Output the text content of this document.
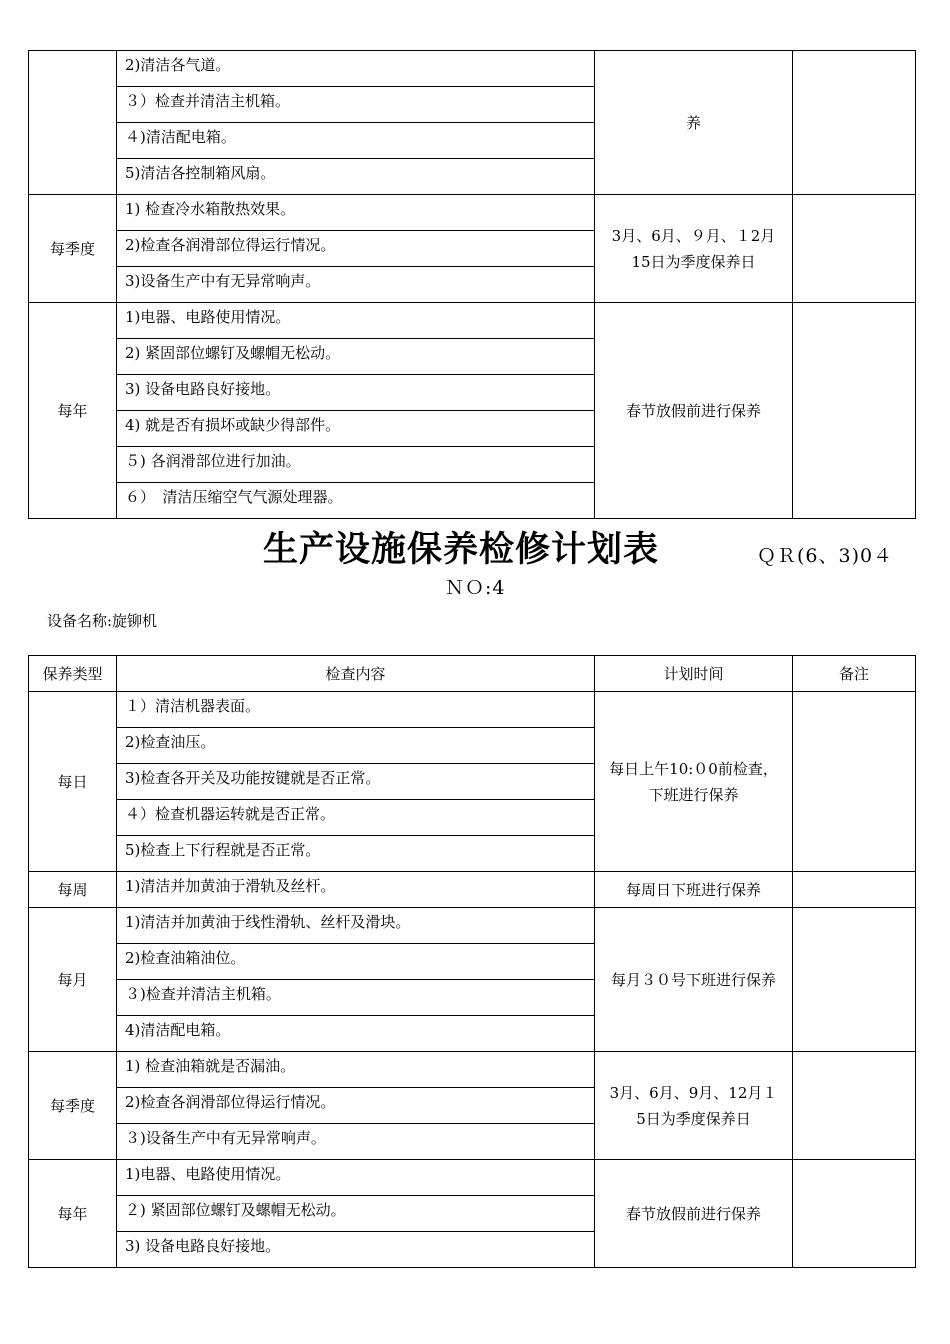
	2)清洁各气道。	养	
	３）检查并清洁主机箱。		
	４)清洁配电箱。		
	5)清洁各控制箱风扇。		
每季度	1) 检查冷水箱散热效果。	3月、6月、９月、１2月15日为季度保养日	
	2)检查各润滑部位得运行情况。		
	3)设备生产中有无异常响声。		
每年	1)电器、电路使用情况。	春节放假前进行保养	
	2) 紧固部位螺钉及螺帽无松动。		
	3) 设备电路良好接地。		
	4) 就是否有损坏或缺少得部件。		
	５) 各润滑部位进行加油。		
	６）　清洁压缩空气气源处理器。		
生产设施保养检修计划表	ＱＲ(6、3)0４
ＮＯ:4
设备名称:旋铆机
保养类型	检查内容	计划时间	备注
每日	１）清洁机器表面。	每日上午10:０0前检查，下班进行保养	
	2)检查油压。		
	3)检查各开关及功能按键就是否正常。		
	４）检查机器运转就是否正常。		
	5)检查上下行程就是否正常。		
每周	1)清洁并加黄油于滑轨及丝杆。	每周日下班进行保养	
每月	1)清洁并加黄油于线性滑轨、丝杆及滑块。	每月３０号下班进行保养	
	2)检查油箱油位。		
	３)检查并清洁主机箱。		
	4)清洁配电箱。		
每季度	1) 检查油箱就是否漏油。	3月、6月、9月、12月１5日为季度保养日	
	2)检查各润滑部位得运行情况。		
	３)设备生产中有无异常响声。		
每年	1)电器、电路使用情况。	春节放假前进行保养	
	２) 紧固部位螺钉及螺帽无松动。		
	3) 设备电路良好接地。		
